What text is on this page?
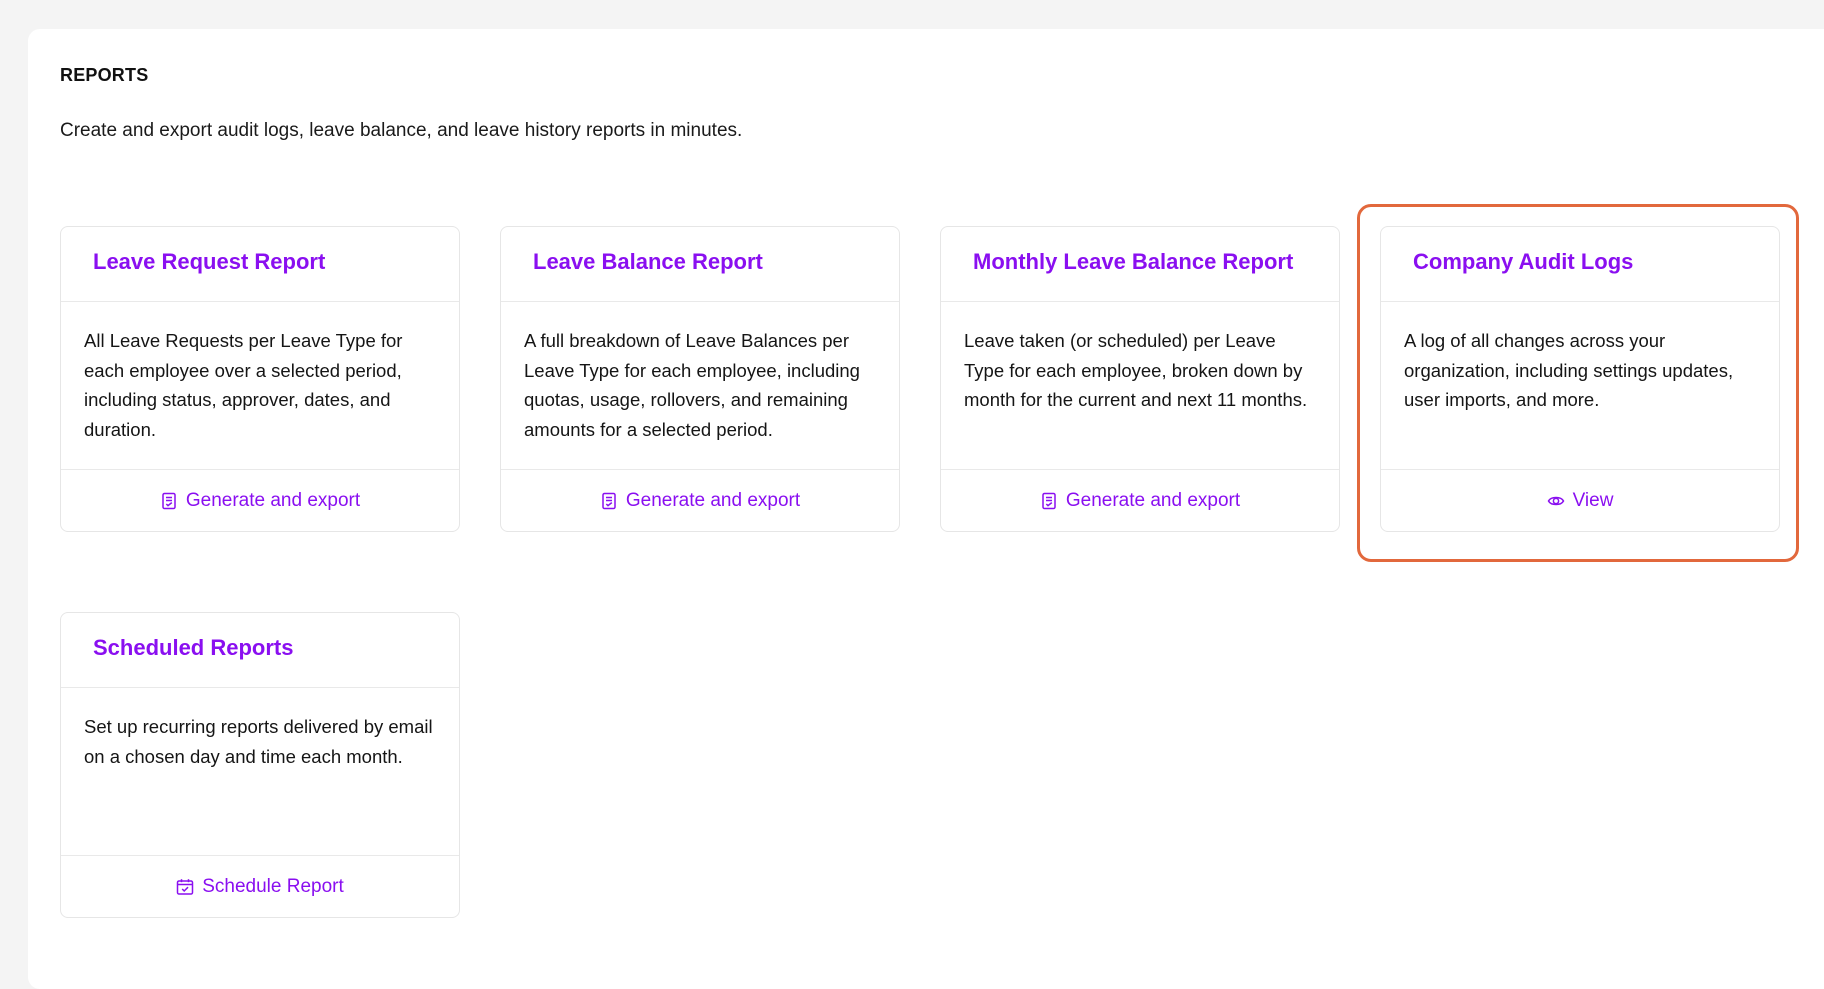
REPORTS

Create and export audit logs, leave balance, and leave history reports in minutes.

Leave Request Report
All Leave Requests per Leave Type for each employee over a selected period, including status, approver, dates, and duration.
Generate and export
Leave Balance Report
A full breakdown of Leave Balances per Leave Type for each employee, including quotas, usage, rollovers, and remaining amounts for a selected period.
Generate and export
Monthly Leave Balance Report
Leave taken (or scheduled) per Leave Type for each employee, broken down by month for the current and next 11 months.
Generate and export
Company Audit Logs
A log of all changes across your organization, including settings updates, user imports, and more.
View
Scheduled Reports
Set up recurring reports delivered by email on a chosen day and time each month.
Schedule Report
